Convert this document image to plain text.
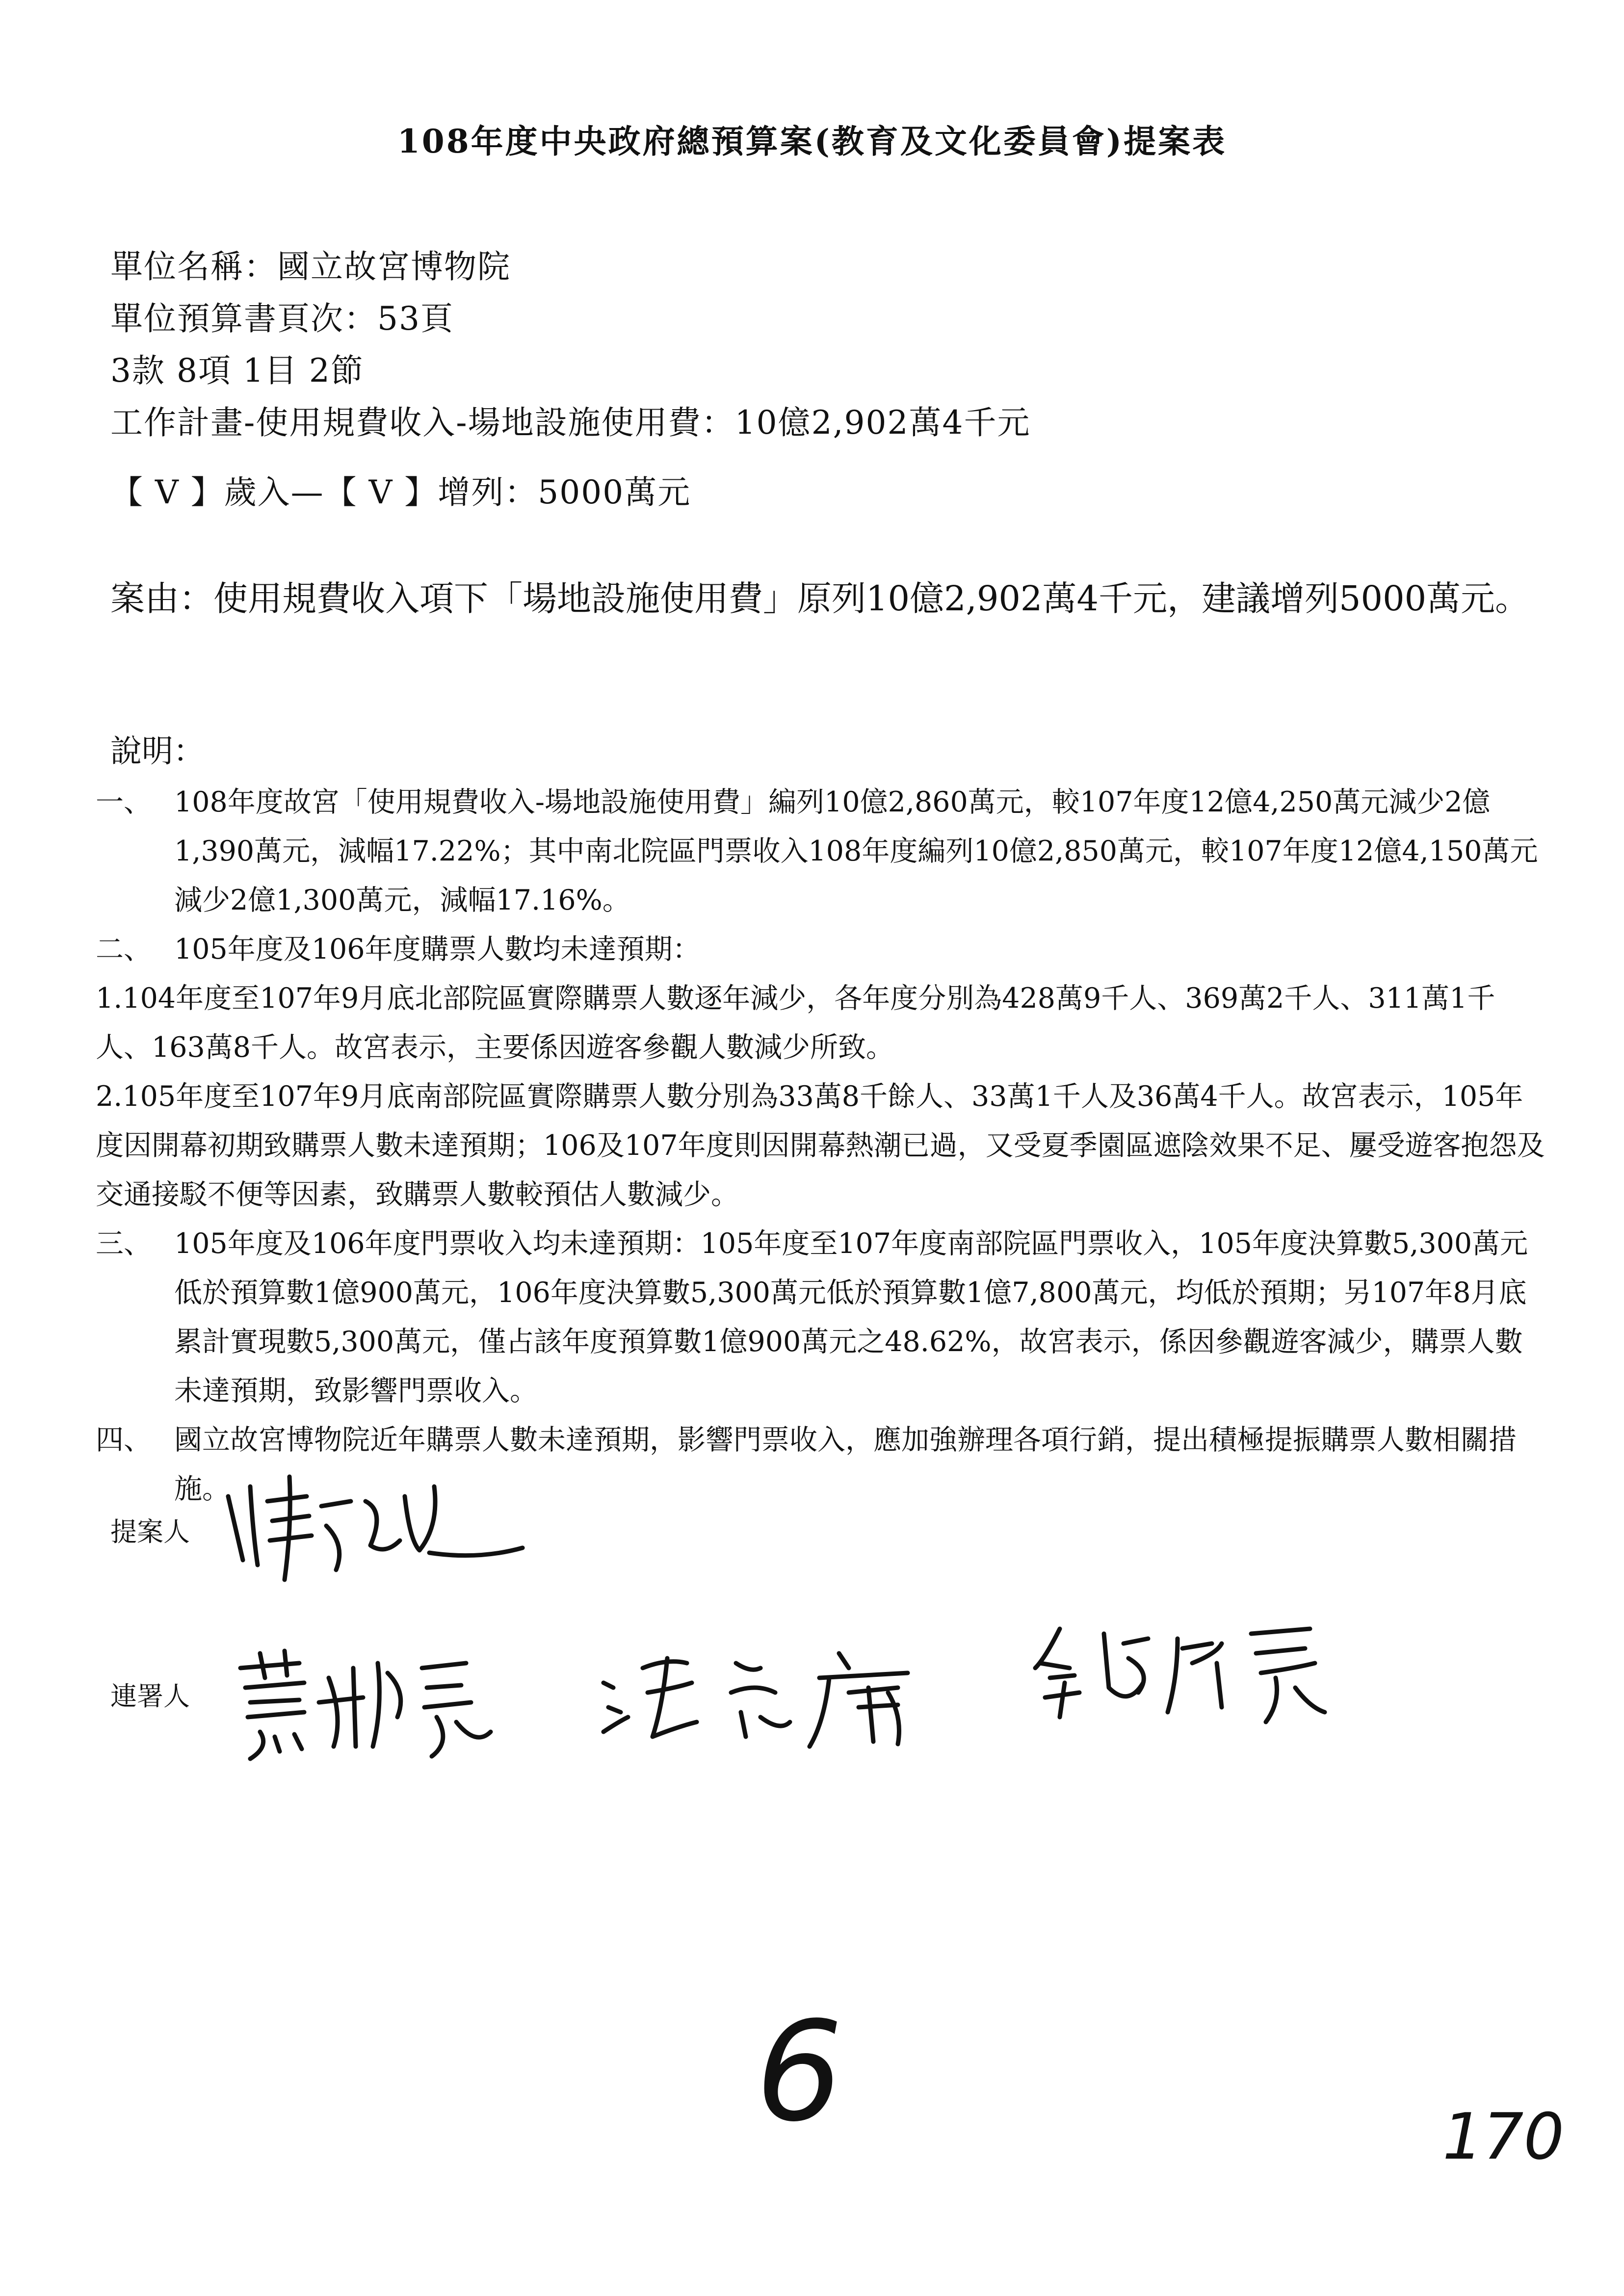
108年度中央政府總預算案(教育及文化委員會)提案表
單位名稱：國立故宮博物院
單位預算書頁次：53頁
3款 8項 1目 2節
工作計畫-使用規費收入-場地設施使用費：10億2,902萬4千元
【 V 】歲入—【 V 】增列：5000萬元
案由： 使用規費收入項下「場地設施使用費」原列10億2,902萬4千元，建議增列5000萬元。
說明：
一、 108年度故宮「使用規費收入-場地設施使用費」編列10億2,860萬元，較107年度12億4,250萬元減少2億1,390萬元，減幅17.22%；其中南北院區門票收入108年度編列10億2,850萬元，較107年度12億4,150萬元減少2億1,300萬元，減幅17.16%。
二、 105年度及106年度購票人數均未達預期：
1.104年度至107年9月底北部院區實際購票人數逐年減少，各年度分別為428萬9千人、369萬2千人、311萬1千人、163萬8千人。故宮表示，主要係因遊客參觀人數減少所致。
2.105年度至107年9月底南部院區實際購票人數分別為33萬8千餘人、33萬1千人及36萬4千人。故宮表示，105年度因開幕初期致購票人數未達預期；106及107年度則因開幕熱潮已過，又受夏季園區遮陰效果不足、屢受遊客抱怨及交通接駁不便等因素，致購票人數較預估人數減少。
三、 105年度及106年度門票收入均未達預期：105年度至107年度南部院區門票收入，105年度決算數5,300萬元低於預算數1億900萬元，106年度決算數5,300萬元低於預算數1億7,800萬元，均低於預期；另107年8月底累計實現數5,300萬元，僅占該年度預算數1億900萬元之48.62%，故宮表示，係因參觀遊客減少，購票人數未達預期，致影響門票收入。
四、 國立故宮博物院近年購票人數未達預期，影響門票收入，應加強辦理各項行銷，提出積極提振購票人數相關措施。
提案人
連署人
6	170
